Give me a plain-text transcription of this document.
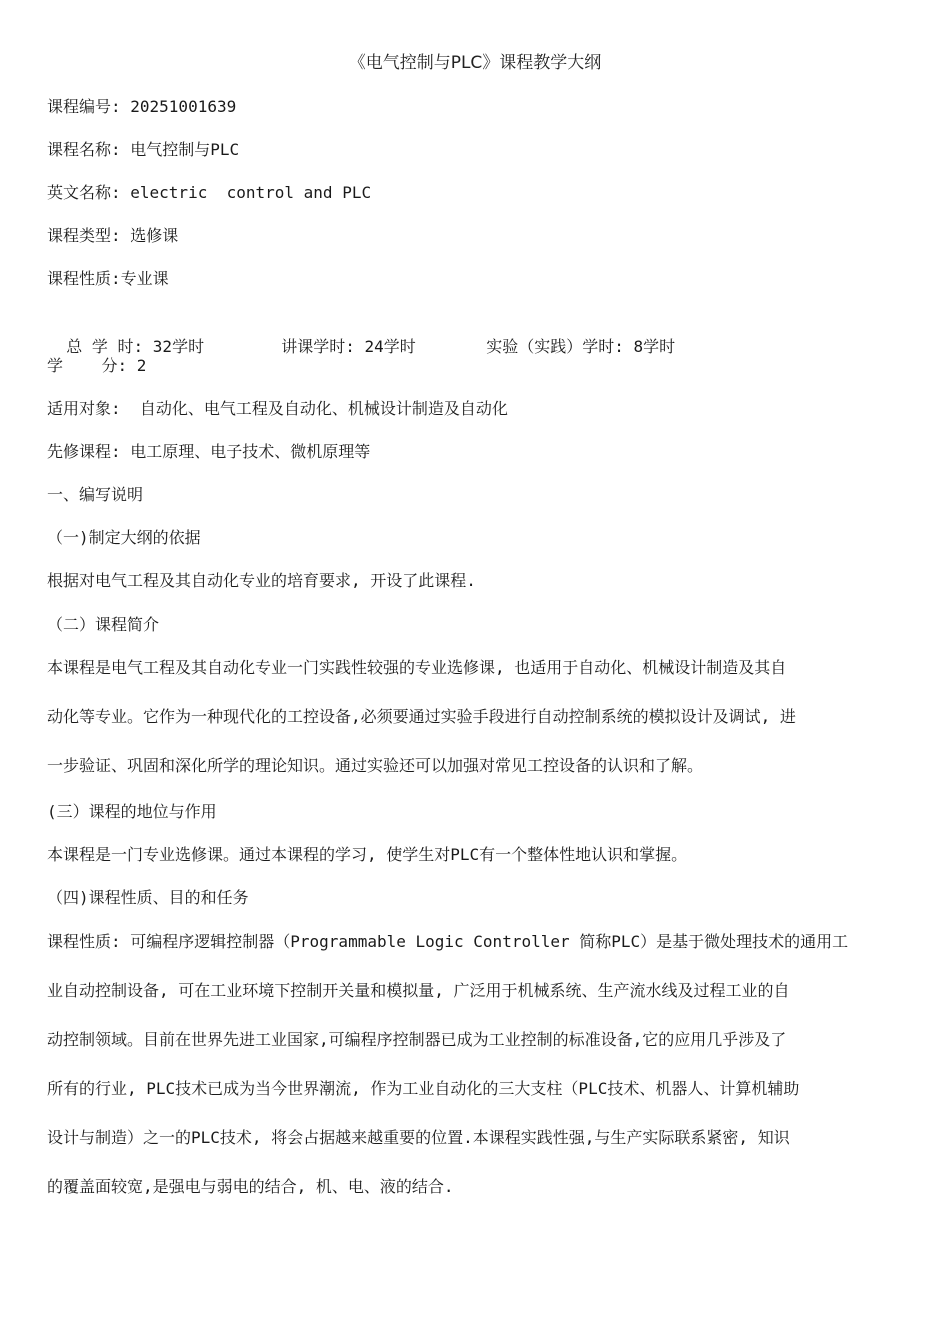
《电气控制与PLC》课程教学大纲
课程编号: 20251001639
课程名称: 电气控制与PLC
英文名称: electric  control and PLC
课程类型: 选修课
课程性质:专业课

总 学 时: 32学时	讲课学时: 24学时	实验（实践）学时: 8学时

学    分: 2
适用对象:  自动化、电气工程及自动化、机械设计制造及自动化
先修课程: 电工原理、电子技术、微机原理等
一、编写说明
（一)制定大纲的依据
根据对电气工程及其自动化专业的培育要求, 开设了此课程.
（二）课程简介
本课程是电气工程及其自动化专业一门实践性较强的专业选修课, 也适用于自动化、机械设计制造及其自
动化等专业。它作为一种现代化的工控设备,必须要通过实验手段进行自动控制系统的模拟设计及调试, 进
一步验证、巩固和深化所学的理论知识。通过实验还可以加强对常见工控设备的认识和了解。
(三）课程的地位与作用
本课程是一门专业选修课。通过本课程的学习, 使学生对PLC有一个整体性地认识和掌握。
（四)课程性质、目的和任务
课程性质: 可编程序逻辑控制器（Programmable Logic Controller 简称PLC）是基于微处理技术的通用工
业自动控制设备, 可在工业环境下控制开关量和模拟量, 广泛用于机械系统、生产流水线及过程工业的自
动控制领域。目前在世界先进工业国家,可编程序控制器已成为工业控制的标准设备,它的应用几乎涉及了
所有的行业, PLC技术已成为当今世界潮流, 作为工业自动化的三大支柱（PLC技术、机器人、计算机辅助
设计与制造）之一的PLC技术, 将会占据越来越重要的位置.本课程实践性强,与生产实际联系紧密, 知识
的覆盖面较宽,是强电与弱电的结合, 机、电、液的结合.
